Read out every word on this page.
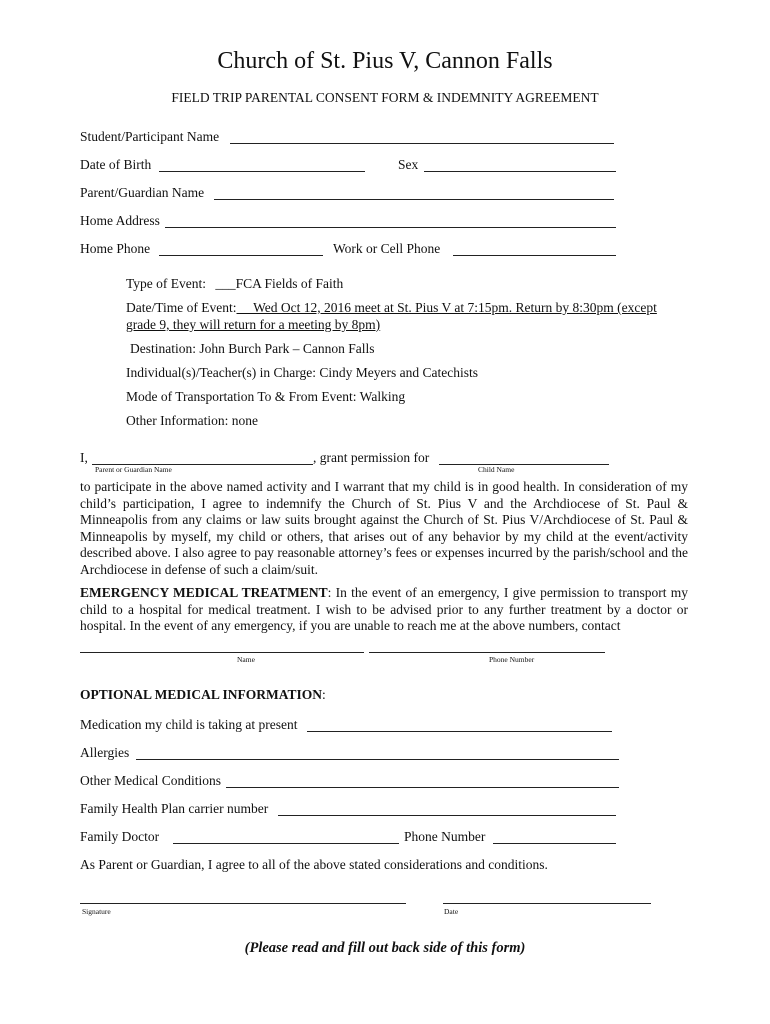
Church of St. Pius V, Cannon Falls
FIELD TRIP PARENTAL CONSENT FORM & INDEMNITY AGREEMENT
Student/Participant Name
Date of Birth	Sex
Parent/Guardian Name
Home Address
Home Phone	Work or Cell Phone
Type of Event: ___FCA Fields of Faith
Date/Time of Event:     Wed Oct 12, 2016 meet at St. Pius V at 7:15pm. Return by 8:30pm (except
grade 9, they will return for a meeting by 8pm)
Destination: John Burch Park – Cannon Falls
Individual(s)/Teacher(s) in Charge: Cindy Meyers and Catechists
Mode of Transportation To & From Event: Walking
Other Information: none
I,	, grant permission for
Parent or Guardian Name	Child Name
to participate in the above named activity and I warrant that my child is in good health. In consideration of my child’s participation, I agree to indemnify the Church of St. Pius V and the Archdiocese of St. Paul & Minneapolis from any claims or law suits brought against the Church of St. Pius V/Archdiocese of St. Paul & Minneapolis by myself, my child or others, that arises out of any behavior by my child at the event/activity described above. I also agree to pay reasonable attorney’s fees or expenses incurred by the parish/school and the Archdiocese in defense of such a claim/suit.
EMERGENCY MEDICAL TREATMENT: In the event of an emergency, I give permission to transport my child to a hospital for medical treatment. I wish to be advised prior to any further treatment by a doctor or hospital. In the event of any emergency, if you are unable to reach me at the above numbers, contact
Name	Phone Number
OPTIONAL MEDICAL INFORMATION:
Medication my child is taking at present
Allergies
Other Medical Conditions
Family Health Plan carrier number
Family Doctor	Phone Number
As Parent or Guardian, I agree to all of the above stated considerations and conditions.
Signature	Date
(Please read and fill out back side of this form)
